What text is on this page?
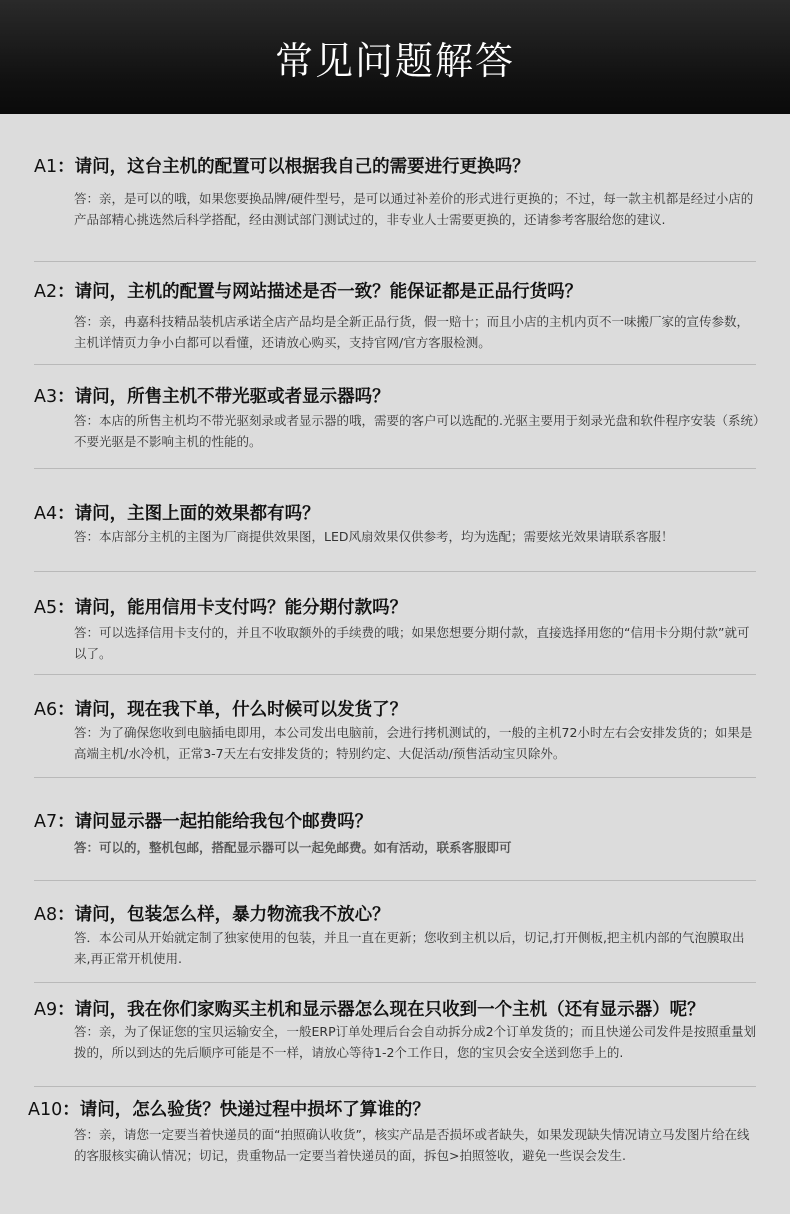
常见问题解答
A1：请问，这台主机的配置可以根据我自己的需要进行更换吗？
答：亲，是可以的哦，如果您要换品牌/硬件型号，是可以通过补差价的形式进行更换的；不过，每一款主机都是经过小店的产品部精心挑选然后科学搭配，经由测试部门测试过的，非专业人士需要更换的，还请参考客服给您的建议.
A2：请问，主机的配置与网站描述是否一致？能保证都是正品行货吗？
答：亲，冉嘉科技精品装机店承诺全店产品均是全新正品行货，假一赔十；而且小店的主机内页不一味搬厂家的宣传参数，主机详情页力争小白都可以看懂，还请放心购买，支持官网/官方客服检测。
A3：请问，所售主机不带光驱或者显示器吗？
答：本店的所售主机均不带光驱刻录或者显示器的哦，需要的客户可以选配的.光驱主要用于刻录光盘和软件程序安装（系统）不要光驱是不影响主机的性能的。
A4：请问，主图上面的效果都有吗？
答：本店部分主机的主图为厂商提供效果图，LED风扇效果仅供参考，均为选配；需要炫光效果请联系客服！
A5：请问，能用信用卡支付吗？能分期付款吗？
答：可以选择信用卡支付的，并且不收取额外的手续费的哦；如果您想要分期付款，直接选择用您的“信用卡分期付款”就可以了。
A6：请问，现在我下单，什么时候可以发货了？
答：为了确保您收到电脑插电即用，本公司发出电脑前，会进行拷机测试的，一般的主机72小时左右会安排发货的；如果是高端主机/水冷机，正常3-7天左右安排发货的；特别约定、大促活动/预售活动宝贝除外。
A7：请问显示器一起拍能给我包个邮费吗？
答：可以的，整机包邮，搭配显示器可以一起免邮费。如有活动，联系客服即可
A8：请问，包装怎么样，暴力物流我不放心？
答．本公司从开始就定制了独家使用的包装，并且一直在更新；您收到主机以后，切记,打开侧板,把主机内部的气泡膜取出来,再正常开机使用.
A9：请问，我在你们家购买主机和显示器怎么现在只收到一个主机（还有显示器）呢？
答：亲，为了保证您的宝贝运输安全，一般ERP订单处理后台会自动拆分成2个订单发货的；而且快递公司发件是按照重量划拨的，所以到达的先后顺序可能是不一样，请放心等待1-2个工作日，您的宝贝会安全送到您手上的.
A10：请问，怎么验货？快递过程中损坏了算谁的？
答：亲，请您一定要当着快递员的面“拍照确认收货”，核实产品是否损坏或者缺失，如果发现缺失情况请立马发图片给在线的客服核实确认情况；切记，贵重物品一定要当着快递员的面，拆包>拍照签收，避免一些误会发生.
